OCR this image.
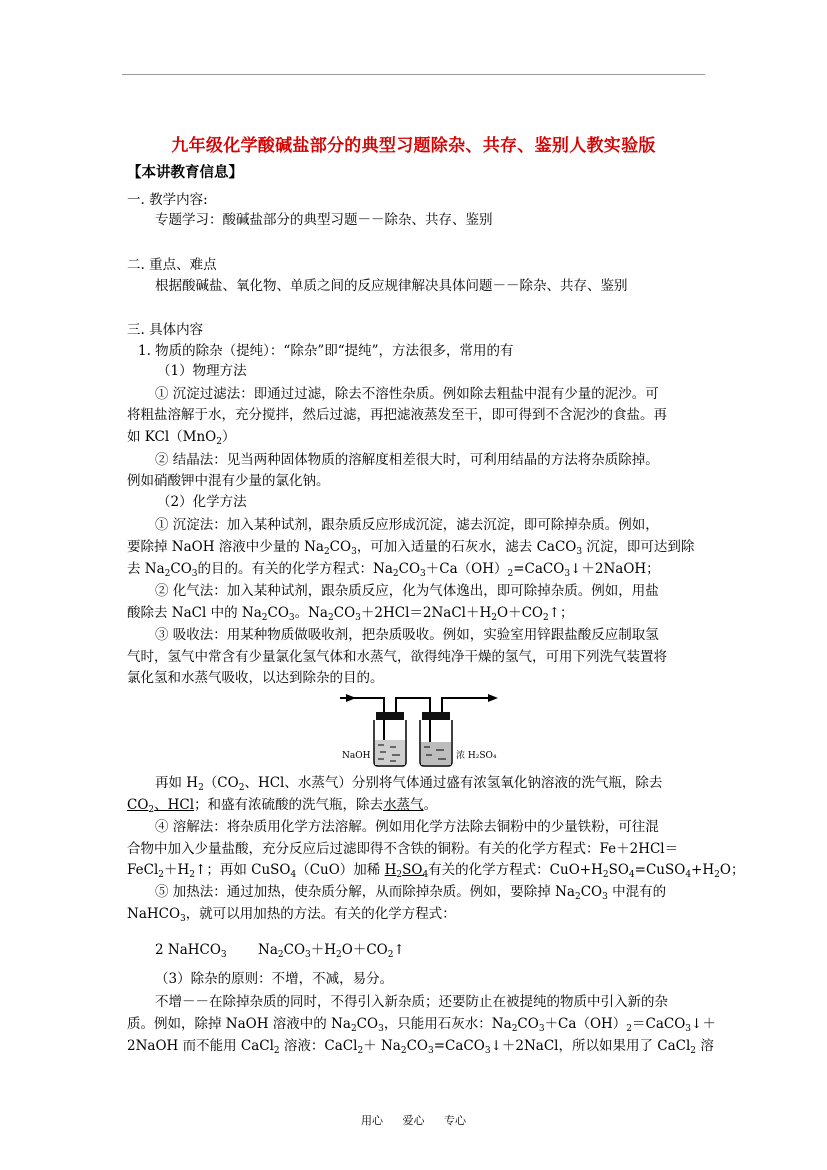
九年级化学酸碱盐部分的典型习题除杂、共存、鉴别人教实验版
【本讲教育信息】
一. 教学内容:
专题学习：酸碱盐部分的典型习题－－除杂、共存、鉴别
二. 重点、难点
根据酸碱盐、氧化物、单质之间的反应规律解决具体问题－－除杂、共存、鉴别
三. 具体内容
1. 物质的除杂（提纯）：“除杂”即“提纯”，方法很多，常用的有
（1）物理方法
① 沉淀过滤法：即通过过滤，除去不溶性杂质。例如除去粗盐中混有少量的泥沙。可
将粗盐溶解于水，充分搅拌，然后过滤，再把滤液蒸发至干，即可得到不含泥沙的食盐。再
如 KCl（MnO$_2$）
② 结晶法：见当两种固体物质的溶解度相差很大时，可利用结晶的方法将杂质除掉。
例如硝酸钾中混有少量的氯化钠。
（2）化学方法
① 沉淀法：加入某种试剂，跟杂质反应形成沉淀，滤去沉淀，即可除掉杂质。例如，
要除掉 NaOH 溶液中少量的 $Na_2CO_3$，可加入适量的石灰水，滤去 CaCO$_3$ 沉淀，即可达到除
去 $Na_2CO_3$的目的。有关的化学方程式：$Na_2CO_3+Ca(OH)_2=CaCO_3↓+2NaOH$；
② 化气法：加入某种试剂，跟杂质反应，化为气体逸出，即可除掉杂质。例如，用盐
酸除去 NaCl 中的 $Na_2CO_3$。$Na_2CO_3+2HCl=2NaCl+H_2O+CO_2↑$；
③ 吸收法：用某种物质做吸收剂，把杂质吸收。例如，实验室用锌跟盐酸反应制取氢
气时，氢气中常含有少量氯化氢气体和水蒸气，欲得纯净干燥的氢气，可用下列洗气装置将
氯化氢和水蒸气吸收，以达到除杂的目的。
NaOH	浓 H₂SO₄
再如 $H_2(CO_2$、HCl、水蒸气）分别将气体通过盛有浓氢氧化钠溶液的洗气瓶，除去
$CO_2$、HCl；和盛有浓硫酸的洗气瓶，除去水蒸气。
④ 溶解法：将杂质用化学方法溶解。例如用化学方法除去铜粉中的少量铁粉，可往混
合物中加入少量盐酸，充分反应后过滤即得不含铁的铜粉。有关的化学方程式：Fe＋2HCl＝
$FeCl_2+H_2↑$；再如 CuSO$_4$（CuO）加稀 $H_2SO_4$有关的化学方程式：$CuO+H_2SO_4=CuSO_4+H_2O$；
⑤ 加热法：通过加热，使杂质分解，从而除掉杂质。例如，要除掉 $Na_2CO_3$ 中混有的
NaHCO$_3$，就可以用加热的方法。有关的化学方程式：
2 NaHCO$_3$ $Na_2CO_3+H_2O+CO_2↑$
（3）除杂的原则：不增，不减，易分。
不增－－在除掉杂质的同时，不得引入新杂质；还要防止在被提纯的物质中引入新的杂
质。例如，除掉 NaOH 溶液中的 $Na_2CO_3$，只能用石灰水：$Na_2CO_3+Ca(OH)_2=CaCO_3↓+$
2NaOH 而不能用 CaCl$_2$ 溶液：CaCl$_2$＋ $Na_2CO_3=CaCO_3↓+2NaCl$，所以如果用了 CaCl$_2$ 溶
用心 爱心 专心
